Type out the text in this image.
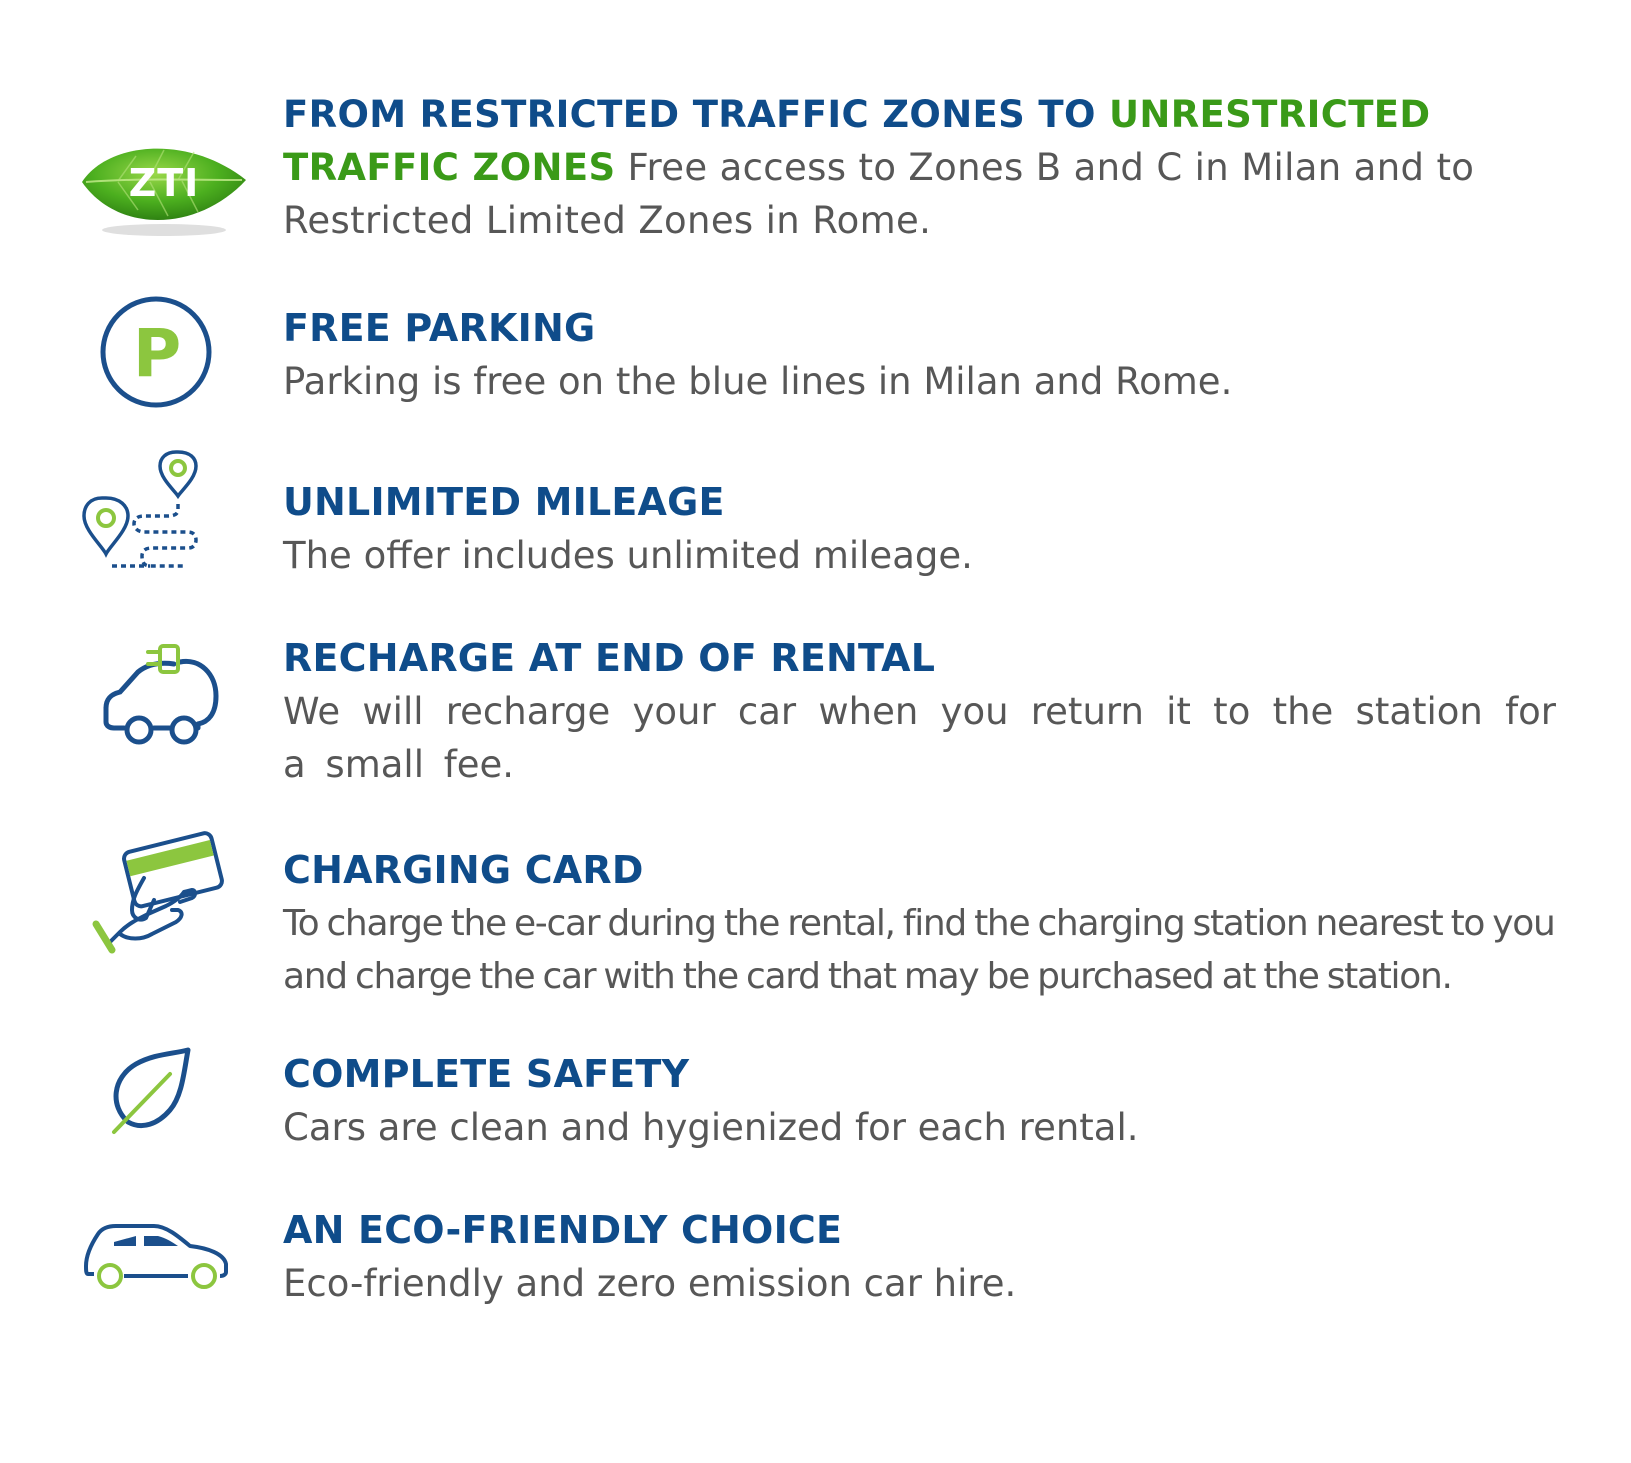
ZTI

FROM RESTRICTED TRAFFIC ZONES TO UNRESTRICTED TRAFFIC ZONES Free access to Zones B and C in Milan and to Restricted Limited Zones in Rome.

P	FREE PARKING

Parking is free on the blue lines in Milan and Rome.

UNLIMITED MILEAGE

The offer includes unlimited mileage.

RECHARGE AT END OF RENTAL

We will recharge your car when you return it to the station for a small fee.

CHARGING CARD

To charge the e-car during the rental, find the charging station nearest to you and charge the car with the card that may be purchased at the station.

COMPLETE SAFETY

Cars are clean and hygienized for each rental.

AN ECO-FRIENDLY CHOICE

Eco-friendly and zero emission car hire.
